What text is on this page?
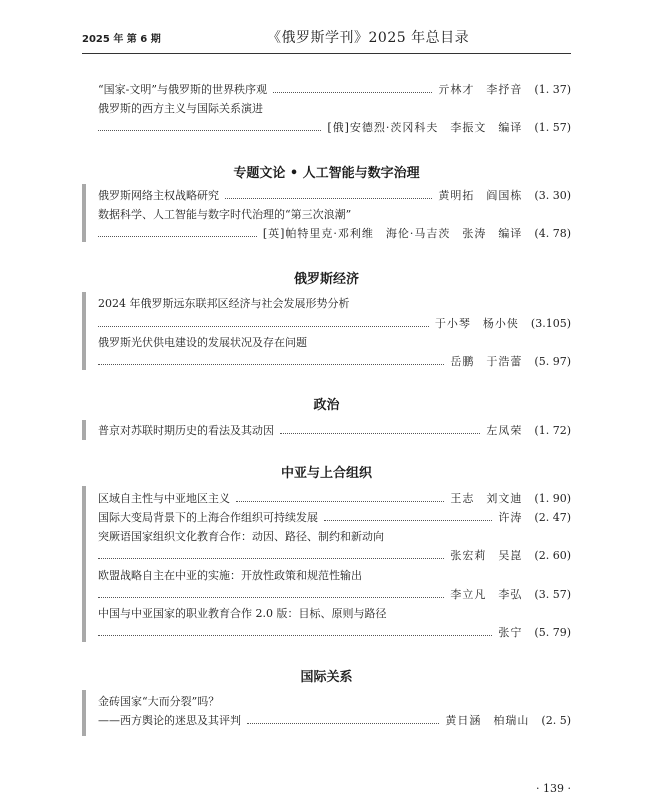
2025 年 第 6 期	《俄罗斯学刊》2025 年总目录
“国家-文明”与俄罗斯的世界秩序观	亓林才　李抒音 (1. 37)
俄罗斯的西方主义与国际关系演进
[俄]安德烈·茨冈科夫　李振文　编译 (1. 57)
专题文论 • 人工智能与数字治理
俄罗斯网络主权战略研究	黄明拓　阎国栋 (3. 30)
数据科学、人工智能与数字时代治理的“第三次浪潮”
[英]帕特里克·邓利维　海伦·马吉茨　张涛　编译 (4. 78)
俄罗斯经济
2024 年俄罗斯远东联邦区经济与社会发展形势分析
于小琴　杨小侠 (3.105)
俄罗斯光伏供电建设的发展状况及存在问题
岳鹏　于浩蕾 (5. 97)
政治
普京对苏联时期历史的看法及其动因	左凤荣 (1. 72)
中亚与上合组织
区域自主性与中亚地区主义	王志　刘文迪 (1. 90)
国际大变局背景下的上海合作组织可持续发展	许涛 (2. 47)
突厥语国家组织文化教育合作：动因、路径、制约和新动向
张宏莉　吴崑 (2. 60)
欧盟战略自主在中亚的实施：开放性政策和规范性输出
李立凡　李弘 (3. 57)
中国与中亚国家的职业教育合作 2.0 版：目标、原则与路径
张宁 (5. 79)
国际关系
金砖国家“大而分裂”吗？
——西方舆论的迷思及其评判	黄日涵　柏瑞山 (2. 5)
· 139 ·
